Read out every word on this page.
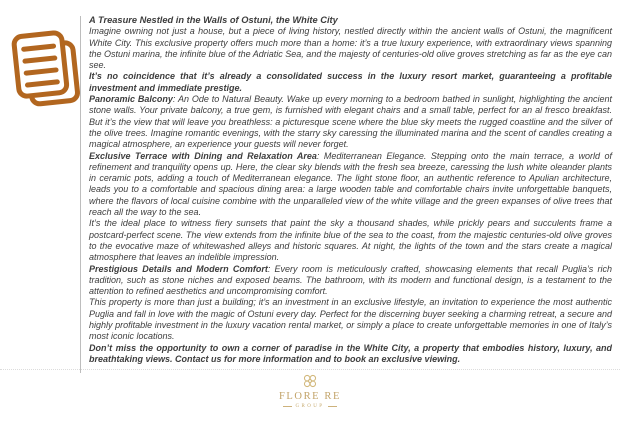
A Treasure Nestled in the Walls of Ostuni, the White City

Imagine owning not just a house, but a piece of living history, nestled directly within the ancient walls of Ostuni, the magnificent White City. This exclusive property offers much more than a home: it’s a true luxury experience, with extraordinary views spanning the Ostuni marina, the infinite blue of the Adriatic Sea, and the majesty of centuries-old olive groves stretching as far as the eye can see.

It’s no coincidence that it’s already a consolidated success in the luxury resort market, guaranteeing a profitable investment and immediate prestige.

Panoramic Balcony: An Ode to Natural Beauty. Wake up every morning to a bedroom bathed in sunlight, highlighting the ancient stone walls. Your private balcony, a true gem, is furnished with elegant chairs and a small table, perfect for an al fresco breakfast. But it’s the view that will leave you breathless: a picturesque scene where the blue sky meets the rugged coastline and the silver of the olive trees. Imagine romantic evenings, with the starry sky caressing the illuminated marina and the scent of candles creating a magical atmosphere, an experience your guests will never forget.

Exclusive Terrace with Dining and Relaxation Area: Mediterranean Elegance. Stepping onto the main terrace, a world of refinement and tranquility opens up. Here, the clear sky blends with the fresh sea breeze, caressing the lush white oleander plants in ceramic pots, adding a touch of Mediterranean elegance. The light stone floor, an authentic reference to Apulian architecture, leads you to a comfortable and spacious dining area: a large wooden table and comfortable chairs invite unforgettable banquets, where the flavors of local cuisine combine with the unparalleled view of the white village and the green expanses of olive trees that reach all the way to the sea.

It’s the ideal place to witness fiery sunsets that paint the sky a thousand shades, while prickly pears and succulents frame a postcard-perfect scene. The view extends from the infinite blue of the sea to the coast, from the majestic centuries-old olive groves to the evocative maze of whitewashed alleys and historic squares. At night, the lights of the town and the stars create a magical atmosphere that leaves an indelible impression.

Prestigious Details and Modern Comfort: Every room is meticulously crafted, showcasing elements that recall Puglia’s rich tradition, such as stone niches and exposed beams. The bathroom, with its modern and functional design, is a testament to the attention to refined aesthetics and uncompromising comfort.

This property is more than just a building; it’s an investment in an exclusive lifestyle, an invitation to experience the most authentic Puglia and fall in love with the magic of Ostuni every day. Perfect for the discerning buyer seeking a charming retreat, a secure and highly profitable investment in the luxury vacation rental market, or simply a place to create unforgettable memories in one of Italy’s most iconic locations.

Don’t miss the opportunity to own a corner of paradise in the White City, a property that embodies history, luxury, and breathtaking views. Contact us for more information and to book an exclusive viewing.

FLORE RE
GROUP
